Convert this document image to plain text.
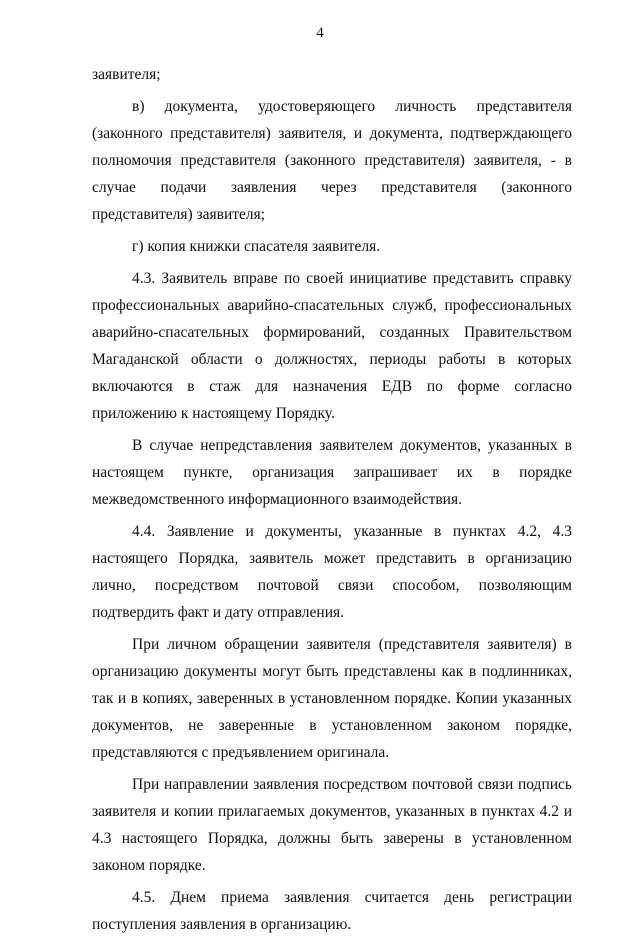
4

заявителя;

в) документа, удостоверяющего личность представителя (законного представителя) заявителя, и документа, подтверждающего полномочия представителя (законного представителя) заявителя, - в случае подачи заявления через представителя (законного представителя) заявителя;

г) копия книжки спасателя заявителя.

4.3. Заявитель вправе по своей инициативе представить справку профессиональных аварийно-спасательных служб, профессиональных аварийно-спасательных формирований, созданных Правительством Магаданской области о должностях, периоды работы в которых включаются в стаж для назначения ЕДВ по форме согласно приложению к настоящему Порядку.

В случае непредставления заявителем документов, указанных в настоящем пункте, организация запрашивает их в порядке межведомственного информационного взаимодействия.

4.4. Заявление и документы, указанные в пунктах 4.2, 4.3 настоящего Порядка, заявитель может представить в организацию лично, посредством почтовой связи способом, позволяющим подтвердить факт и дату отправления.

При личном обращении заявителя (представителя заявителя) в организацию документы могут быть представлены как в подлинниках, так и в копиях, заверенных в установленном порядке. Копии указанных документов, не заверенные в установленном законом порядке, представляются с предъявлением оригинала.

При направлении заявления посредством почтовой связи подпись заявителя и копии прилагаемых документов, указанных в пунктах 4.2 и 4.3 настоящего Порядка, должны быть заверены в установленном законом порядке.

4.5. Днем приема заявления считается день регистрации поступления заявления в организацию.
